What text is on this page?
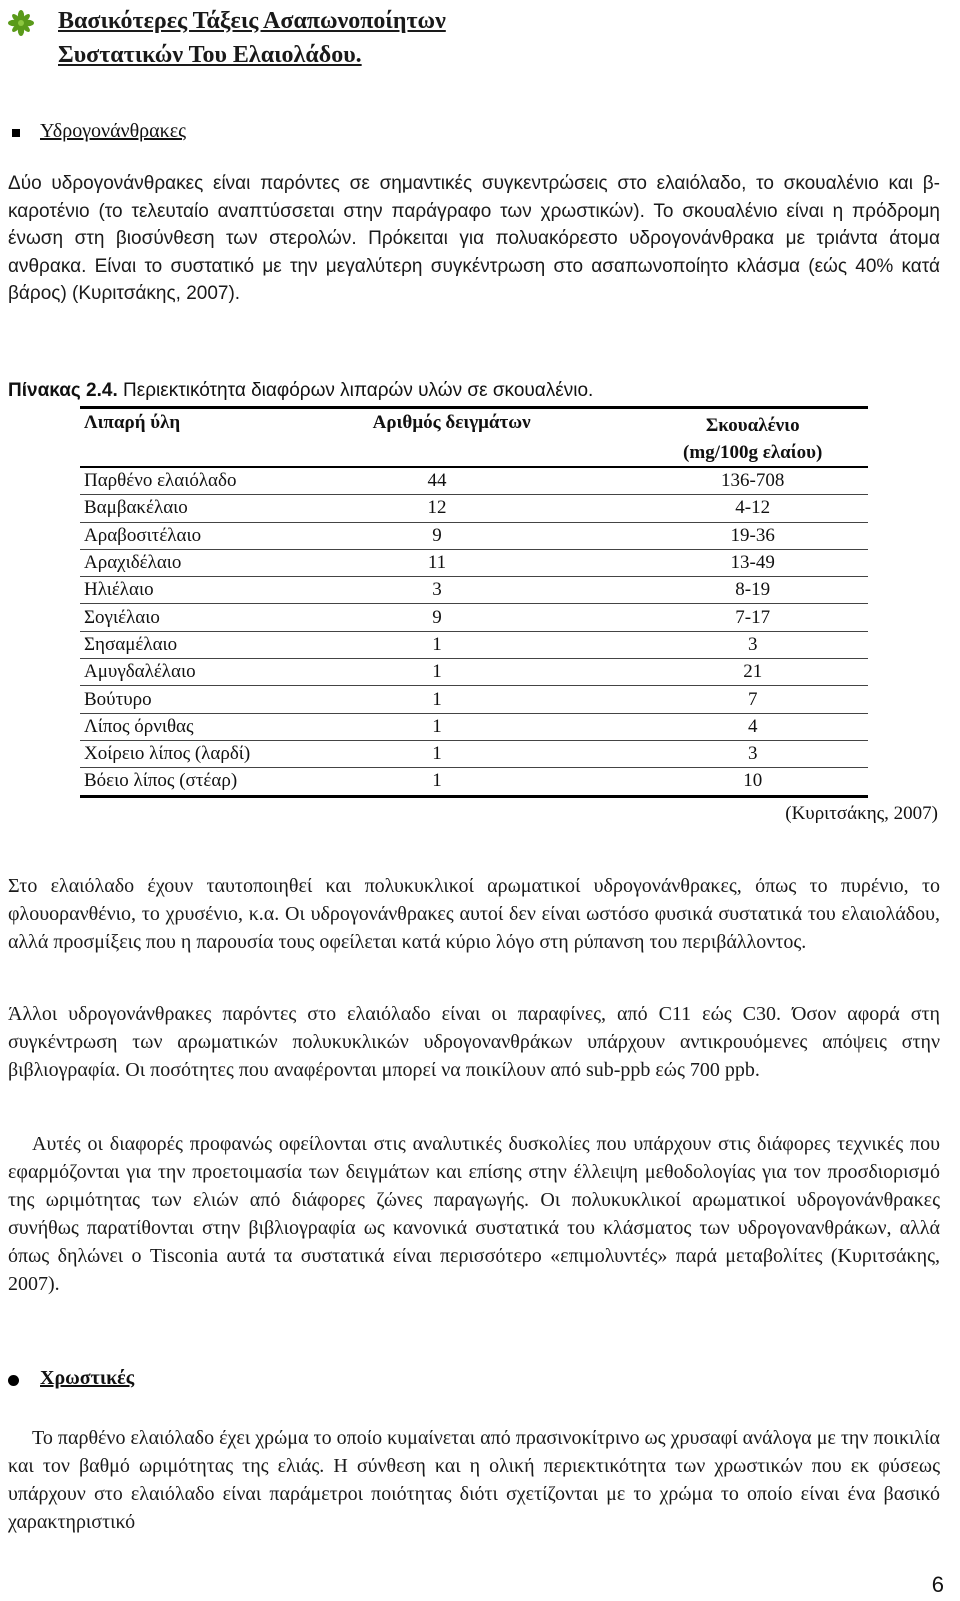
Βασικότερες Τάξεις Ασαπωνοποίητων
Συστατικών Του Ελαιολάδου.
Υδρογονάνθρακες

Δύο υδρογονάνθρακες είναι παρόντες σε σημαντικές συγκεντρώσεις στο ελαιόλαδο, το σκουαλένιο και β-καροτένιο (το τελευταίο αναπτύσσεται στην παράγραφο των χρωστικών). Το σκουαλένιο είναι η πρόδρομη ένωση στη βιοσύνθεση των στερολών. Πρόκειται για πολυακόρεστο υδρογονάνθρακα με τριάντα άτομα ανθρακα. Είναι το συστατικό με την μεγαλύτερη συγκέντρωση στο ασαπωνοποίητο κλάσμα (εώς 40% κατά βάρος) (Κυριτσάκης, 2007).

Πίνακας 2.4. Περιεκτικότητα διαφόρων λιπαρών υλών σε σκουαλένιο.
Λιπαρή ύλη	Αριθμός δειγμάτων	Σκουαλένιο
(mg/100g ελαίου)
Παρθένο ελαιόλαδο	44	136-708
Βαμβακέλαιο	12	4-12
Αραβοσιτέλαιο	9	19-36
Αραχιδέλαιο	11	13-49
Ηλιέλαιο	3	8-19
Σογιέλαιο	9	7-17
Σησαμέλαιο	1	3
Αμυγδαλέλαιο	1	21
Βούτυρο	1	7
Λίπος όρνιθας	1	4
Χοίρειο λίπος (λαρδί)	1	3
Βόειο λίπος (στέαρ)	1	10
(Κυριτσάκης, 2007)

Στο ελαιόλαδο έχουν ταυτοποιηθεί και πολυκυκλικοί αρωματικοί υδρογονάνθρακες, όπως το πυρένιο, το φλουορανθένιο, το χρυσένιο, κ.α. Οι υδρογονάνθρακες αυτοί δεν είναι ωστόσο φυσικά συστατικά του ελαιολάδου, αλλά προσμίξεις που η παρουσία τους οφείλεται κατά κύριο λόγο στη ρύπανση του περιβάλλοντος.

Άλλοι υδρογονάνθρακες παρόντες στο ελαιόλαδο είναι οι παραφίνες, από C11 εώς C30. Όσον αφορά στη συγκέντρωση των αρωματικών πολυκυκλικών υδρογονανθράκων υπάρχουν αντικρουόμενες απόψεις στην βιβλιογραφία. Οι ποσότητες που αναφέρονται μπορεί να ποικίλουν από sub-ppb εώς 700 ppb.

Αυτές οι διαφορές προφανώς οφείλονται στις αναλυτικές δυσκολίες που υπάρχουν στις διάφορες τεχνικές που εφαρμόζονται για την προετοιμασία των δειγμάτων και επίσης στην έλλειψη μεθοδολογίας για τον προσδιορισμό της ωριμότητας των ελιών από διάφορες ζώνες παραγωγής. Οι πολυκυκλικοί αρωματικοί υδρογονάνθρακες συνήθως παρατίθονται στην βιβλιογραφία ως κανονικά συστατικά του κλάσματος των υδρογονανθράκων, αλλά όπως δηλώνει ο Tisconia αυτά τα συστατικά είναι περισσότερο «επιμολυντές» παρά μεταβολίτες (Κυριτσάκης, 2007).

Χρωστικές

Το παρθένο ελαιόλαδο έχει χρώμα το οποίο κυμαίνεται από πρασινοκίτρινο ως χρυσαφί ανάλογα με την ποικιλία και τον βαθμό ωριμότητας της ελιάς. Η σύνθεση και η ολική περιεκτικότητα των χρωστικών που εκ φύσεως υπάρχουν στο ελαιόλαδο είναι παράμετροι ποιότητας διότι σχετίζονται με το χρώμα το οποίο είναι ένα βασικό χαρακτηριστικό

6
